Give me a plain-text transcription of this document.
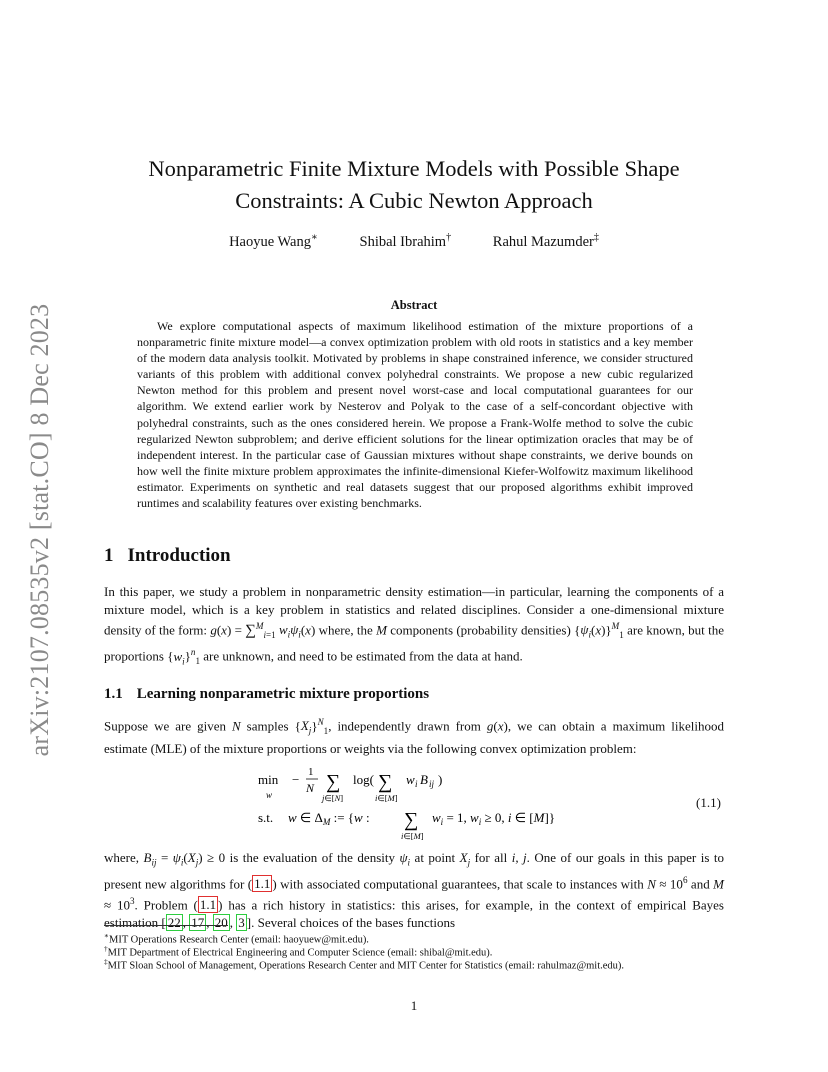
arXiv:2107.08535v2 [stat.CO] 8 Dec 2023
Nonparametric Finite Mixture Models with Possible Shape
Constraints: A Cubic Newton Approach
Haoyue Wang∗	Shibal Ibrahim†	Rahul Mazumder‡
Abstract

We explore computational aspects of maximum likelihood estimation of the mixture proportions of a nonparametric finite mixture model—a convex optimization problem with old roots in statistics and a key member of the modern data analysis toolkit. Motivated by problems in shape constrained inference, we consider structured variants of this problem with additional convex polyhedral constraints. We propose a new cubic regularized Newton method for this problem and present novel worst-case and local computational guarantees for our algorithm. We extend earlier work by Nesterov and Polyak to the case of a self-concordant objective with polyhedral constraints, such as the ones considered herein. We propose a Frank-Wolfe method to solve the cubic regularized Newton subproblem; and derive efficient solutions for the linear optimization oracles that may be of independent interest. In the particular case of Gaussian mixtures without shape constraints, we derive bounds on how well the finite mixture problem approximates the infinite-dimensional Kiefer-Wolfowitz maximum likelihood estimator. Experiments on synthetic and real datasets suggest that our proposed algorithms exhibit improved runtimes and scalability features over existing benchmarks.

1 Introduction

In this paper, we study a problem in nonparametric density estimation—in particular, learning the components of a mixture model, which is a key problem in statistics and related disciplines. Consider a one-dimensional mixture density of the form: g(x) = ∑$^M_{i=1}$ $w_i\psi_i(x)$ where, the M components (probability densities) $\{\psi_i(x)\}^M_1$ are known, but the proportions $\{w_i\}^n_1$ are unknown, and need to be estimated from the data at hand.

1.1 Learning nonparametric mixture proportions

Suppose we are given N samples $\{X_j\}^N_1$, independently drawn from g(x), we can obtain a maximum likelihood estimate (MLE) of the mixture proportions or weights via the following convex optimization problem:

min
w
− 1
N ∑
j∈[N]
log( ∑
i∈[M]
w i B ij )
s.t. w ∈ $\Delta_M$ := {w : ∑
i∈[M]
$w_i = 1$, $w_i \ge 0$, i ∈ [M]}
(1.1)

where, $B_{ij} = \psi_i(X_j) \ge 0$ is the evaluation of the density $\psi_i$ at point $X_j$ for all i, j. One of our goals in this paper is to present new algorithms for ( 1.1 ) with associated computational guarantees, that scale to instances with $N \approx 10^6$ and $M \approx 10^3$. Problem ( 1.1 ) has a rich history in statistics: this arises, for example, in the context of empirical Bayes estimation [ 22 , 17 , 20 , 3 ]. Several choices of the bases functions

∗MIT Operations Research Center (email: haoyuew@mit.edu).
†MIT Department of Electrical Engineering and Computer Science (email: shibal@mit.edu).
‡MIT Sloan School of Management, Operations Research Center and MIT Center for Statistics (email: rahulmaz@mit.edu).
1
